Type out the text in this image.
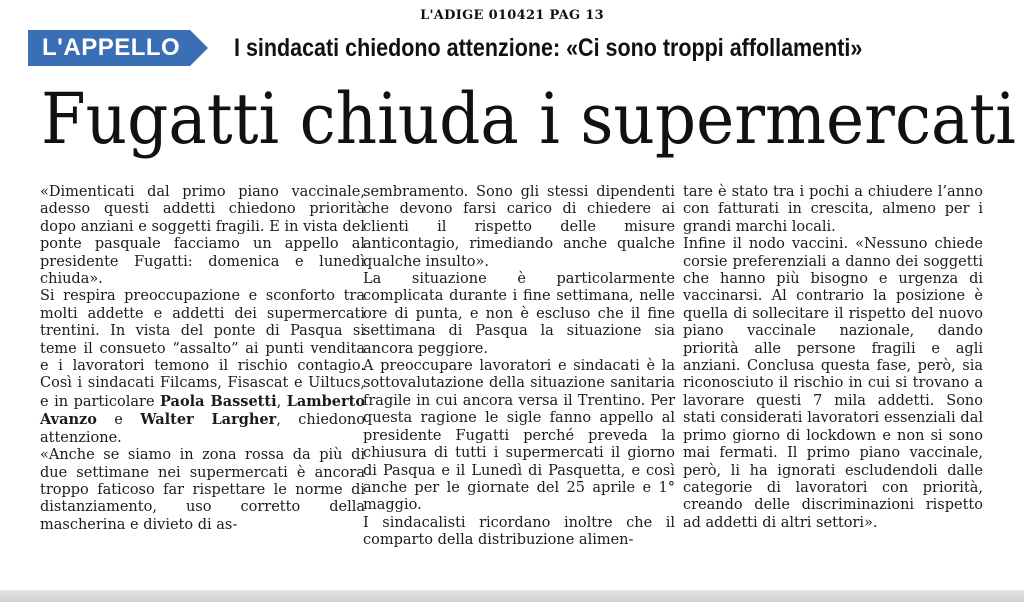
L'ADIGE 010421 PAG 13
L'APPELLO	I sindacati chiedono attenzione: «Ci sono troppi affollamenti»
Fugatti chiuda i supermercati

«Dimenticati dal primo piano vaccinale, adesso questi addetti chiedono priorità dopo anziani e soggetti fragili. E in vista del ponte pasquale facciamo un appello al presidente Fugatti: domenica e lunedì chiuda».

Si respira preoccupazione e sconforto tra molti addette e addetti dei supermercati trentini. In vista del ponte di Pasqua si teme il consueto “assalto” ai punti vendita e i lavoratori temono il rischio contagio. Così i sindacati Filcams, Fisascat e Uiltucs, e in particolare Paola Bassetti, Lamberto Avanzo e Walter Largher, chiedono attenzione.

«Anche se siamo in zona rossa da più di due settimane nei supermercati è ancora troppo faticoso far rispettare le norme di distanziamento, uso corretto della mascherina e divieto di as-

sembramento. Sono gli stessi dipendenti che devono farsi carico di chiedere ai clienti il rispetto delle misure anticontagio, rimediando anche qualche qualche insulto».

La situazione è particolarmente complicata durante i fine settimana, nelle ore di punta, e non è escluso che il fine settimana di Pasqua la situazione sia ancora peggiore.

A preoccupare lavoratori e sindacati è la sottovalutazione della situazione sanitaria fragile in cui ancora versa il Trentino. Per questa ragione le sigle fanno appello al presidente Fugatti perché preveda la chiusura di tutti i supermercati il giorno di Pasqua e il Lunedì di Pasquetta, e così anche per le giornate del 25 aprile e 1° maggio.

I sindacalisti ricordano inoltre che il comparto della distribuzione alimen-

tare è stato tra i pochi a chiudere l’anno con fatturati in crescita, almeno per i grandi marchi locali.

Infine il nodo vaccini. «Nessuno chiede corsie preferenziali a danno dei soggetti che hanno più bisogno e urgenza di vaccinarsi. Al contrario la posizione è quella di sollecitare il rispetto del nuovo piano vaccinale nazionale, dando priorità alle persone fragili e agli anziani. Conclusa questa fase, però, sia riconosciuto il rischio in cui si trovano a lavorare questi 7 mila addetti. Sono stati considerati lavoratori essenziali dal primo giorno di lockdown e non si sono mai fermati. Il primo piano vaccinale, però, li ha ignorati escludendoli dalle categorie di lavoratori con priorità, creando delle discriminazioni rispetto ad addetti di altri settori».
